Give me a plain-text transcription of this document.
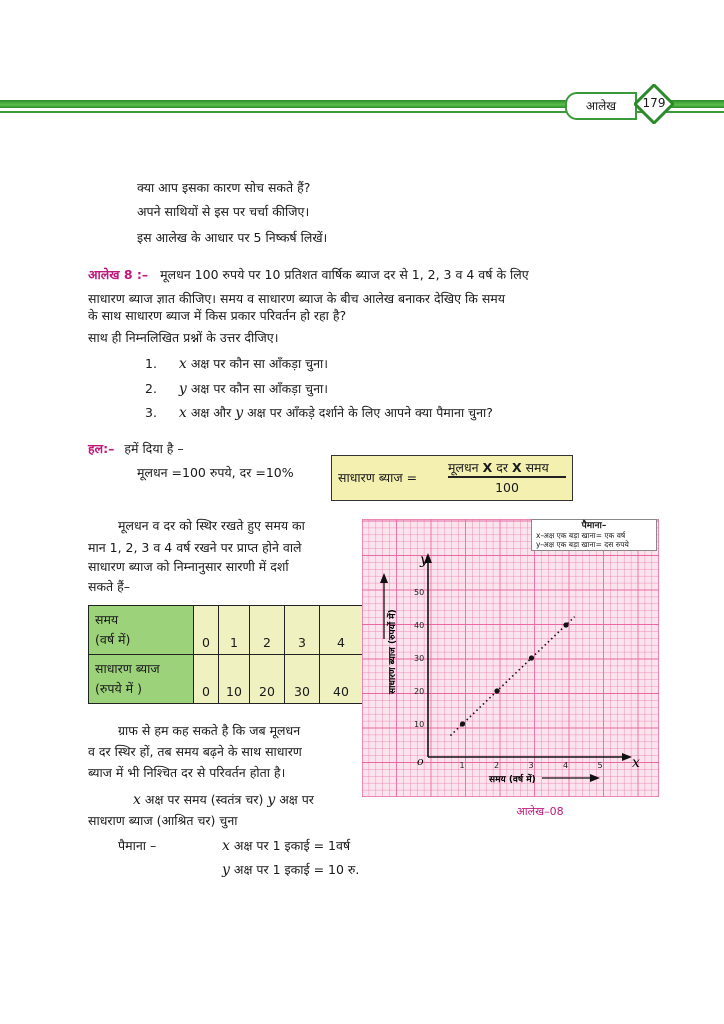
आलेख	179
क्या आप इसका कारण सोच सकते हैं?
अपने साथियों से इस पर चर्चा कीजिए।
इस आलेख के आधार पर 5 निष्कर्ष लिखें।
आलेख 8 :– मूलधन 100 रुपये पर 10 प्रतिशत वार्षिक ब्याज दर से 1, 2, 3 व 4 वर्ष के लिए
साधारण ब्याज ज्ञात कीजिए। समय व साधारण ब्याज के बीच आलेख बनाकर देखिए कि समय
के साथ साधारण ब्याज में किस प्रकार परिवर्तन हो रहा है?
साथ ही निम्नलिखित प्रश्नों के उत्तर दीजिए।
1. x अक्ष पर कौन सा आँकड़ा चुना।
2. y अक्ष पर कौन सा आँकड़ा चुना।
3. x अक्ष और y अक्ष पर आँकड़े दर्शाने के लिए आपने क्या पैमाना चुना?
हल:– हमें दिया है –
मूलधन =100 रुपये, दर =10%	साधारण ब्याज =
मूलधन X दर X समय
100
मूलधन व दर को स्थिर रखते हुए समय का
मान 1, 2, 3 व 4 वर्ष रखने पर प्राप्त होने वाले
साधारण ब्याज को निम्नानुसार सारणी में दर्शा
सकते हैं–
समय
(वर्ष में)	0	1	2	3	4

साधारण ब्याज
(रुपये में )	0	10	20	30	40
ग्राफ से हम कह सकते है कि जब मूलधन
व दर स्थिर हों, तब समय बढ़ने के साथ साधारण
ब्याज में भी निश्चित दर से परिवर्तन होता है।
x अक्ष पर समय (स्वतंत्र चर) y अक्ष पर
साधराण ब्याज (आश्रित चर) चुना
पैमाना –	x अक्ष पर 1 इकाई = 1वर्ष
y अक्ष पर 1 इकाई = 10 रु.
1	2	3	4	5
10
20
30
40
50
y
x
o
समय (वर्ष में)
साधारण ब्याज (रुपयों में)
पैमाना–
x-अक्ष एक बड़ा खाना= एक वर्ष
y-अक्ष एक बड़ा खाना= दस रुपये
आलेख–08
